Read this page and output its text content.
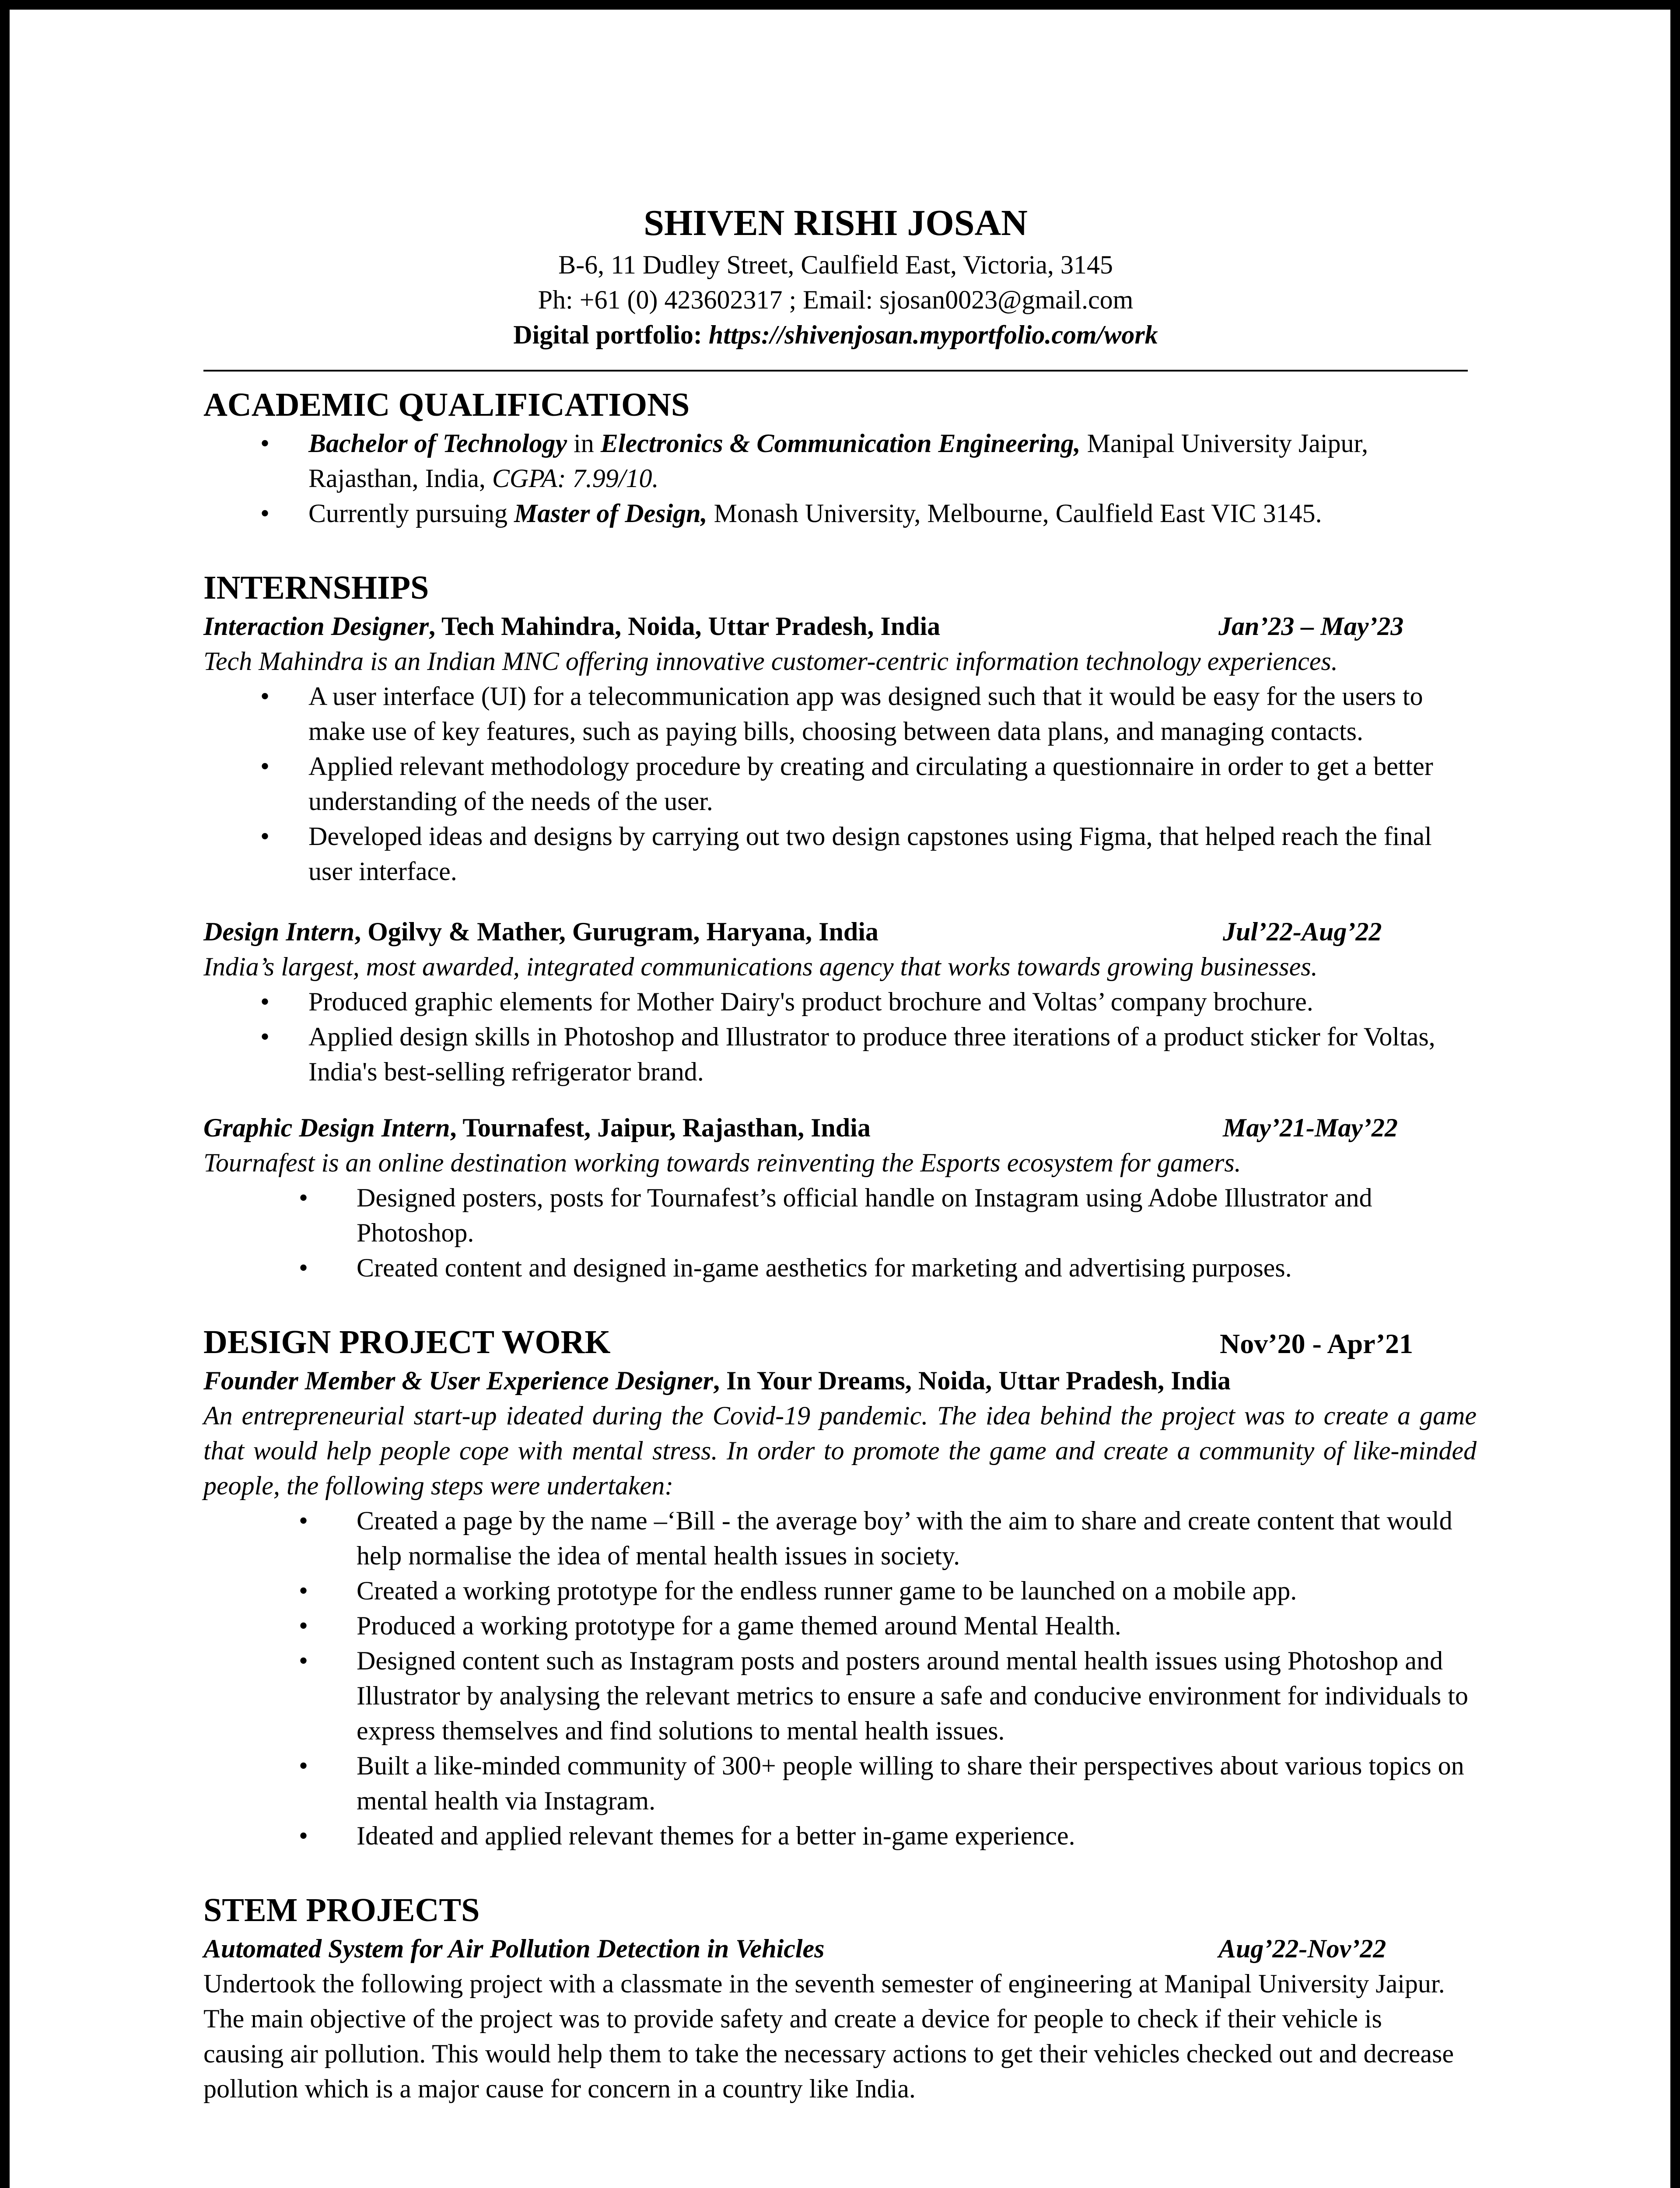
SHIVEN RISHI JOSAN
B-6, 11 Dudley Street, Caulfield East, Victoria, 3145
Ph: +61 (0) 423602317 ; Email: sjosan0023@gmail.com
Digital portfolio: https://shivenjosan.myportfolio.com/work
ACADEMIC QUALIFICATIONS
• Bachelor of Technology in Electronics & Communication Engineering, Manipal University Jaipur, Rajasthan, India, CGPA: 7.99/10.
• Currently pursuing Master of Design, Monash University, Melbourne, Caulfield East VIC 3145.
INTERNSHIPS
Interaction Designer, Tech Mahindra, Noida, Uttar Pradesh, India	Jan’23 – May’23
Tech Mahindra is an Indian MNC offering innovative customer-centric information technology experiences.
• A user interface (UI) for a telecommunication app was designed such that it would be easy for the users to make use of key features, such as paying bills, choosing between data plans, and managing contacts.
• Applied relevant methodology procedure by creating and circulating a questionnaire in order to get a better understanding of the needs of the user.
• Developed ideas and designs by carrying out two design capstones using Figma, that helped reach the final user interface.
Design Intern, Ogilvy & Mather, Gurugram, Haryana, India	Jul’22-Aug’22
India’s largest, most awarded, integrated communications agency that works towards growing businesses.
• Produced graphic elements for Mother Dairy's product brochure and Voltas’ company brochure.
• Applied design skills in Photoshop and Illustrator to produce three iterations of a product sticker for Voltas, India's best-selling refrigerator brand.
Graphic Design Intern, Tournafest, Jaipur, Rajasthan, India	May’21-May’22
Tournafest is an online destination working towards reinventing the Esports ecosystem for gamers.
• Designed posters, posts for Tournafest’s official handle on Instagram using Adobe Illustrator and Photoshop.
• Created content and designed in-game aesthetics for marketing and advertising purposes.
DESIGN PROJECT WORK	Nov’20 - Apr’21
Founder Member & User Experience Designer, In Your Dreams, Noida, Uttar Pradesh, India
An entrepreneurial start-up ideated during the Covid-19 pandemic. The idea behind the project was to create a game that would help people cope with mental stress. In order to promote the game and create a community of like-minded people, the following steps were undertaken:
• Created a page by the name –‘Bill - the average boy’ with the aim to share and create content that would help normalise the idea of mental health issues in society.
• Created a working prototype for the endless runner game to be launched on a mobile app.
• Produced a working prototype for a game themed around Mental Health.
• Designed content such as Instagram posts and posters around mental health issues using Photoshop and Illustrator by analysing the relevant metrics to ensure a safe and conducive environment for individuals to express themselves and find solutions to mental health issues.
• Built a like-minded community of 300+ people willing to share their perspectives about various topics on mental health via Instagram.
• Ideated and applied relevant themes for a better in-game experience.
STEM PROJECTS
Automated System for Air Pollution Detection in Vehicles	Aug’22-Nov’22
Undertook the following project with a classmate in the seventh semester of engineering at Manipal University Jaipur. The main objective of the project was to provide safety and create a device for people to check if their vehicle is causing air pollution. This would help them to take the necessary actions to get their vehicles checked out and decrease pollution which is a major cause for concern in a country like India.
